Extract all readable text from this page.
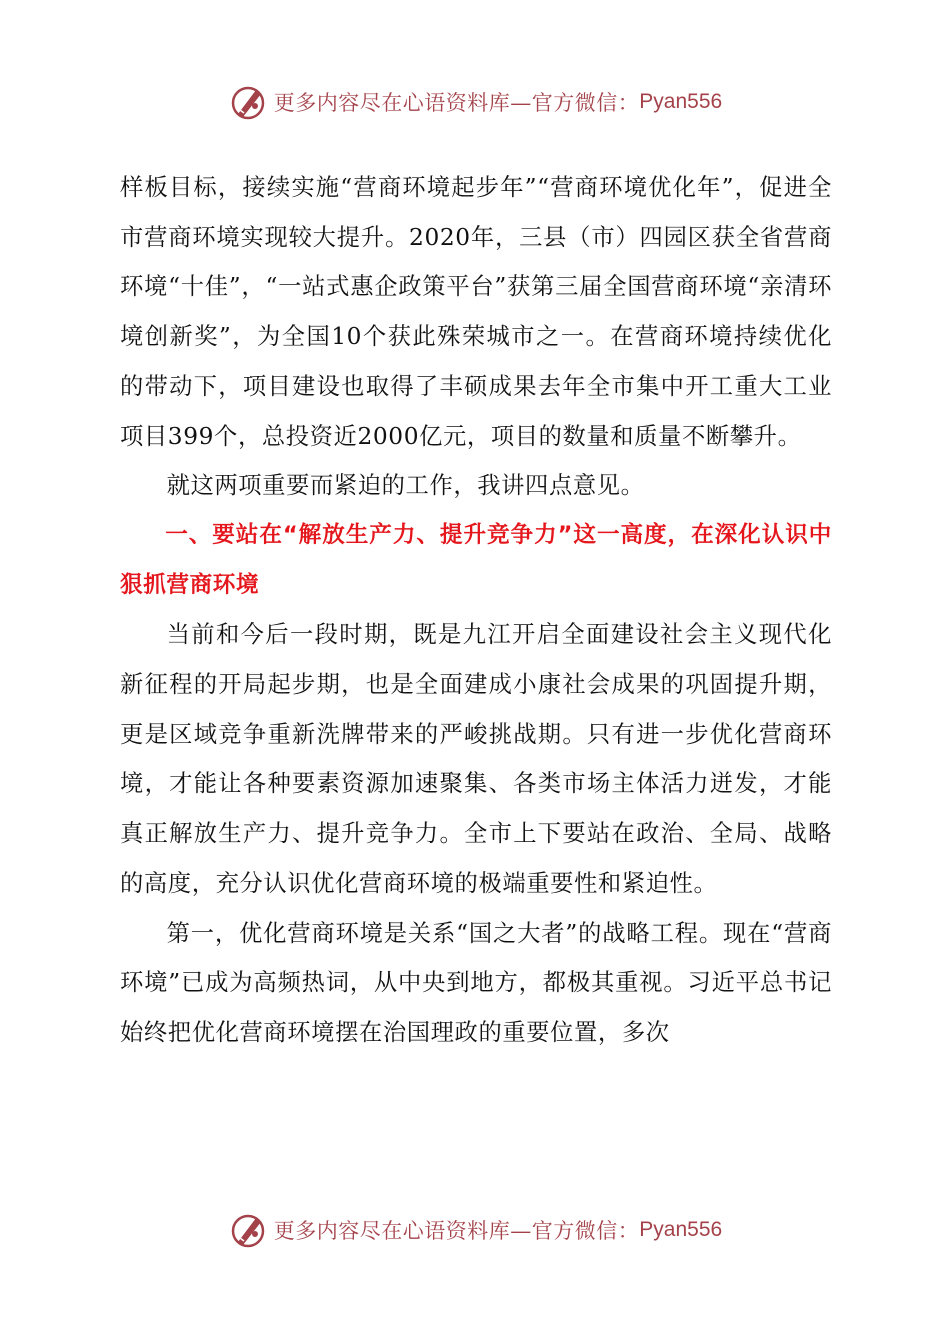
更多内容尽在心语资料库—官方微信： Pyan556

样板目标，接续实施“营商环境起步年”“营商环境优化年”，促进全市营商环境实现较大提升。2020年，三县（市）四园区获全省营商环境“十佳”，“一站式惠企政策平台”获第三届全国营商环境“亲清环境创新奖”，为全国10个获此殊荣城市之一。在营商环境持续优化的带动下，项目建设也取得了丰硕成果去年全市集中开工重大工业项目399个，总投资近2000亿元，项目的数量和质量不断攀升。

就这两项重要而紧迫的工作，我讲四点意见。

一、要站在“解放生产力、提升竞争力”这一高度，在深化认识中狠抓营商环境

当前和今后一段时期，既是九江开启全面建设社会主义现代化新征程的开局起步期，也是全面建成小康社会成果的巩固提升期，更是区域竞争重新洗牌带来的严峻挑战期。只有进一步优化营商环境，才能让各种要素资源加速聚集、各类市场主体活力迸发，才能真正解放生产力、提升竞争力。全市上下要站在政治、全局、战略的高度，充分认识优化营商环境的极端重要性和紧迫性。

第一，优化营商环境是关系“国之大者”的战略工程。现在“营商环境”已成为高频热词，从中央到地方，都极其重视。习近平总书记始终把优化营商环境摆在治国理政的重要位置，多次

更多内容尽在心语资料库—官方微信： Pyan556
